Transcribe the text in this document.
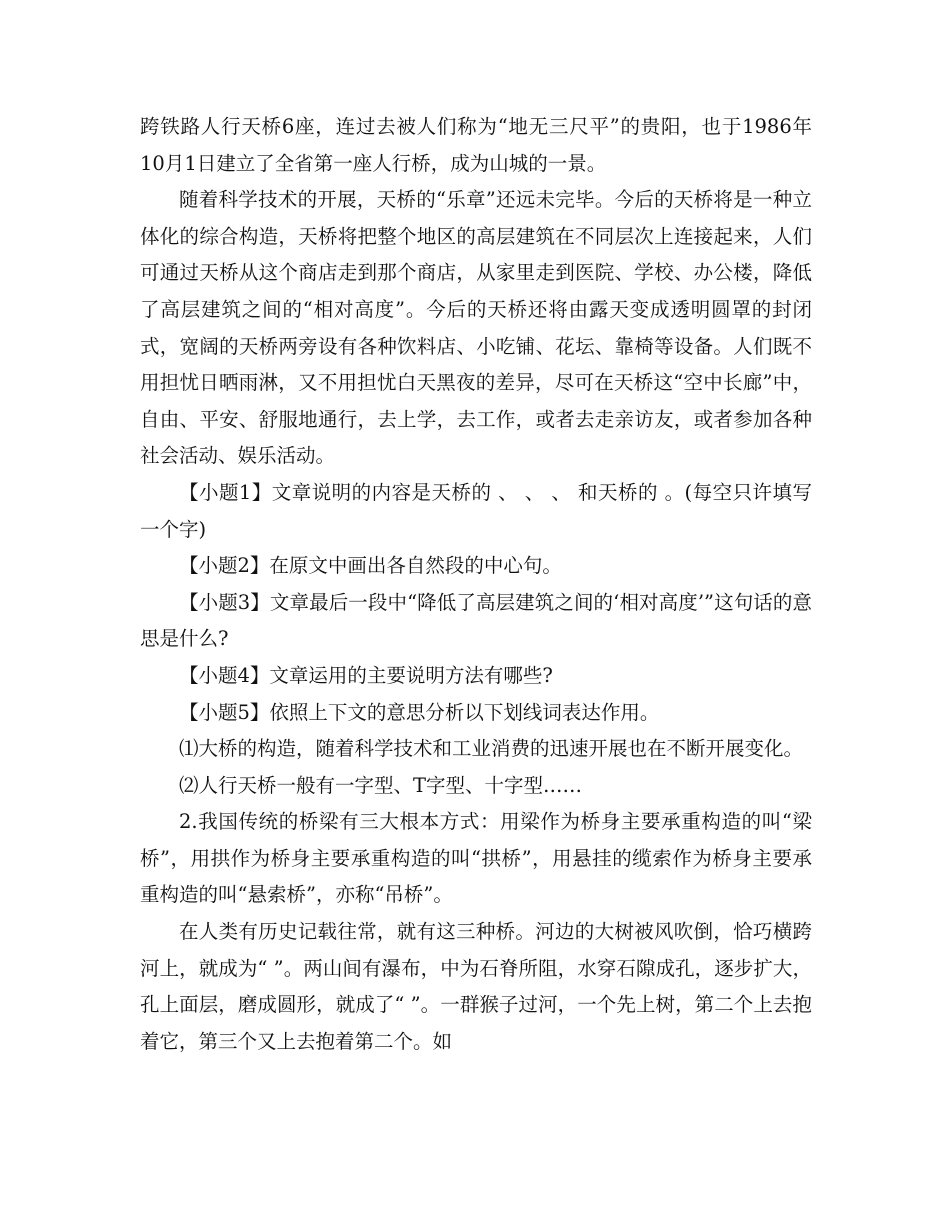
跨铁路人行天桥6座，连过去被人们称为“地无三尺平”的贵阳，也于1986年10月1日建立了全省第一座人行桥，成为山城的一景。

随着科学技术的开展，天桥的“乐章”还远未完毕。今后的天桥将是一种立体化的综合构造，天桥将把整个地区的高层建筑在不同层次上连接起来，人们可通过天桥从这个商店走到那个商店，从家里走到医院、学校、办公楼，降低了高层建筑之间的“相对高度”。今后的天桥还将由露天变成透明圆罩的封闭式，宽阔的天桥两旁设有各种饮料店、小吃铺、花坛、靠椅等设备。人们既不用担忧日晒雨淋，又不用担忧白天黑夜的差异，尽可在天桥这“空中长廊”中，自由、平安、舒服地通行，去上学，去工作，或者去走亲访友，或者参加各种社会活动、娱乐活动。

【小题1】文章说明的内容是天桥的 、 、 、 和天桥的 。(每空只许填写一个字)

【小题2】在原文中画出各自然段的中心句。

【小题3】文章最后一段中“降低了高层建筑之间的‘相对高度’”这句话的意思是什么?

【小题4】文章运用的主要说明方法有哪些?

【小题5】依照上下文的意思分析以下划线词表达作用。

⑴大桥的构造，随着科学技术和工业消费的迅速开展也在不断开展变化。

⑵人行天桥一般有一字型、T字型、十字型……

2.我国传统的桥梁有三大根本方式：用梁作为桥身主要承重构造的叫“梁桥”，用拱作为桥身主要承重构造的叫“拱桥”，用悬挂的缆索作为桥身主要承重构造的叫“悬索桥”，亦称“吊桥”。

在人类有历史记载往常，就有这三种桥。河边的大树被风吹倒，恰巧横跨河上，就成为“ ”。两山间有瀑布，中为石脊所阻，水穿石隙成孔，逐步扩大，孔上面层，磨成圆形，就成了“ ”。一群猴子过河，一个先上树，第二个上去抱着它，第三个又上去抱着第二个。如
